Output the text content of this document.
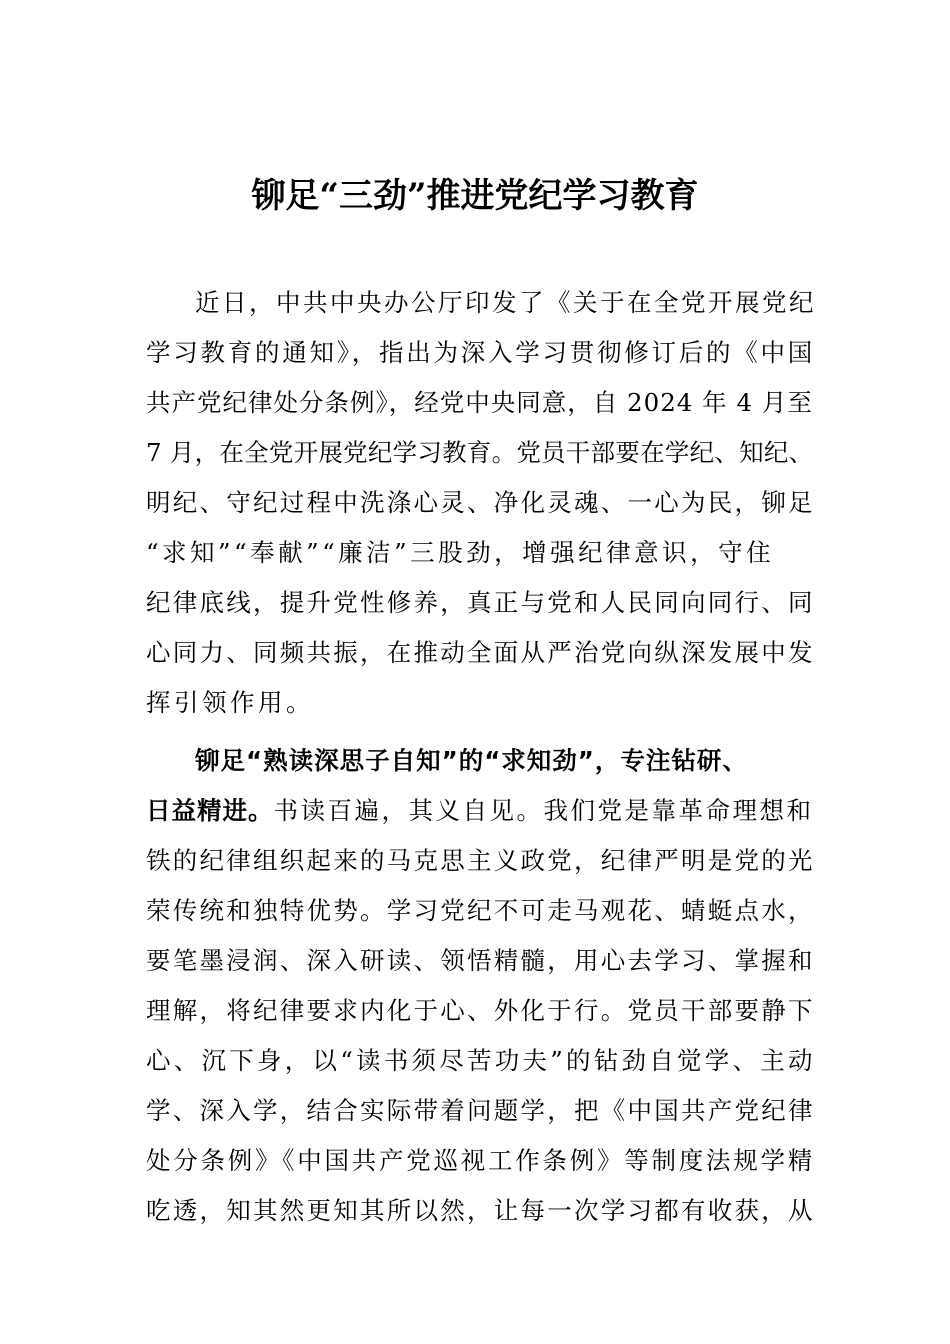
铆足“三劲”推进党纪学习教育
近日，中共中央办公厅印发了《关于在全党开展党纪
学习教育的通知》，指出为深入学习贯彻修订后的《中国
共产党纪律处分条例》，经党中央同意，自 2024 年 4 月至
7 月，在全党开展党纪学习教育。党员干部要在学纪、知纪、
明纪、守纪过程中洗涤心灵、净化灵魂、一心为民，铆足
“求知”“奉献”“廉洁”三股劲，增强纪律意识，守住
纪律底线，提升党性修养，真正与党和人民同向同行、同
心同力、同频共振，在推动全面从严治党向纵深发展中发
挥引领作用。
铆足“熟读深思子自知”的“求知劲”，专注钻研、
日益精进。书读百遍，其义自见。我们党是靠革命理想和
铁的纪律组织起来的马克思主义政党，纪律严明是党的光
荣传统和独特优势。学习党纪不可走马观花、蜻蜓点水，
要笔墨浸润、深入研读、领悟精髓，用心去学习、掌握和
理解，将纪律要求内化于心、外化于行。党员干部要静下
心、沉下身，以“读书须尽苦功夫”的钻劲自觉学、主动
学、深入学，结合实际带着问题学，把《中国共产党纪律
处分条例》《中国共产党巡视工作条例》等制度法规学精
吃透，知其然更知其所以然，让每一次学习都有收获，从
